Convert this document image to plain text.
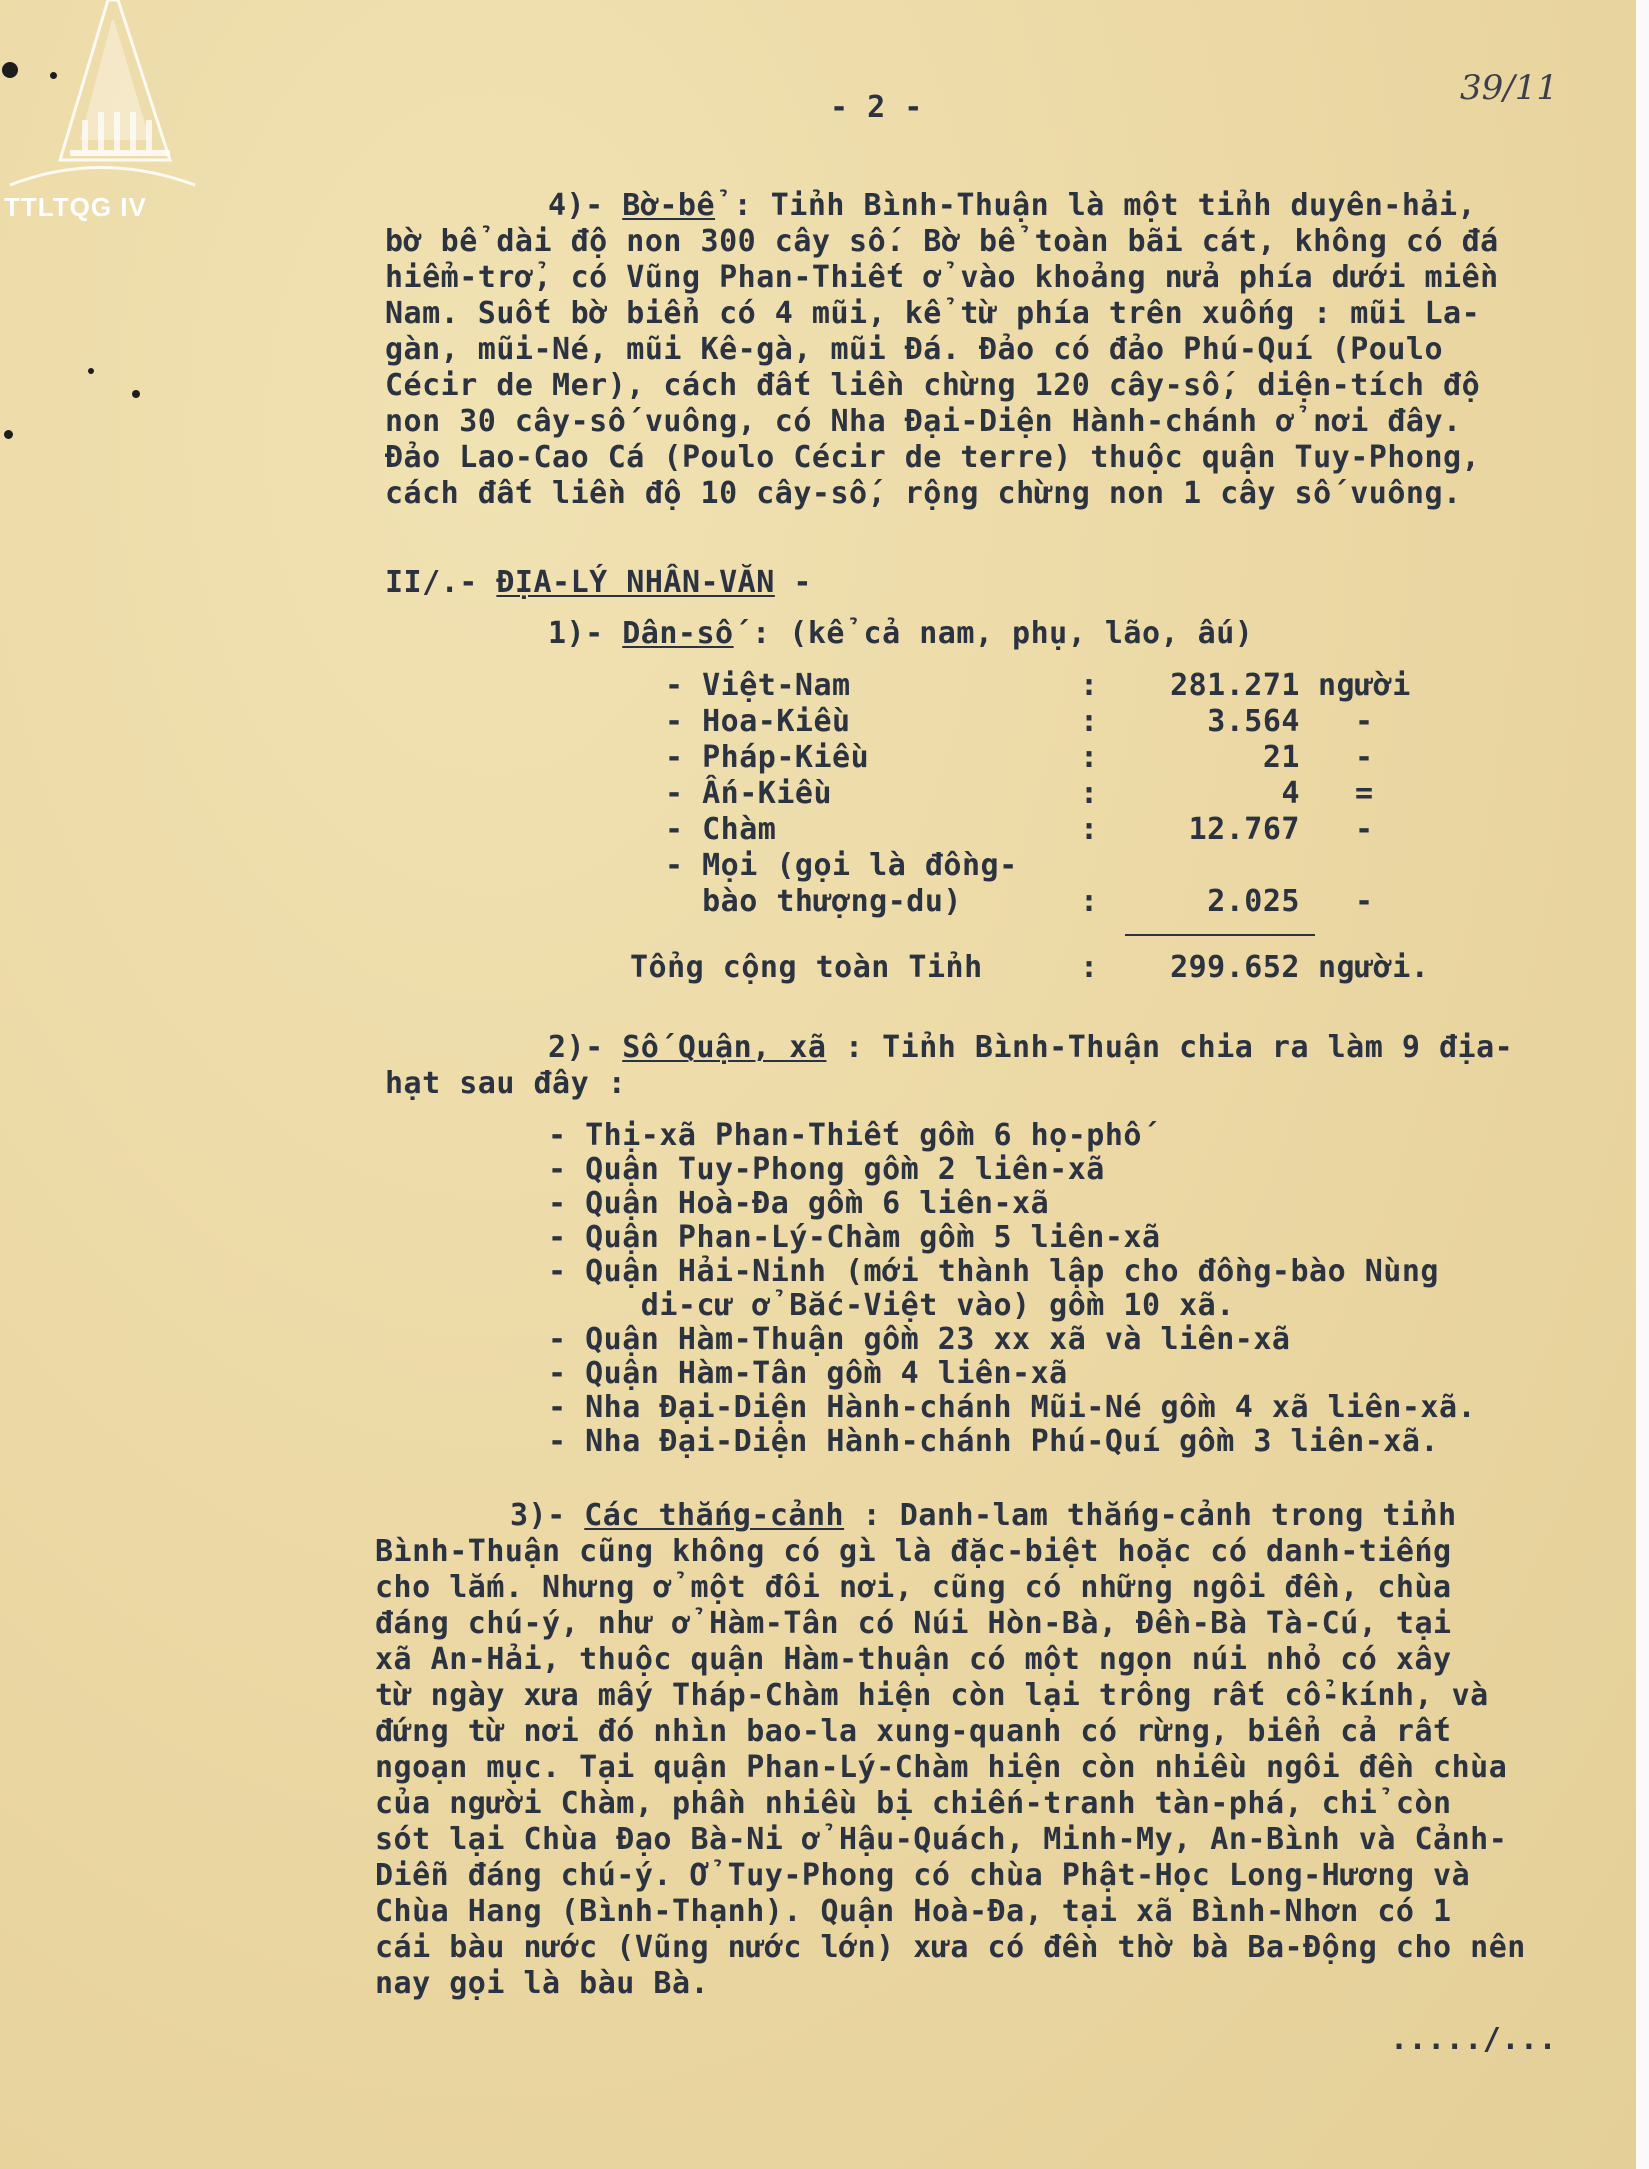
TTLTQG IV
- 2 -	39/11
4)- Bờ-bể : Tỉnh Bình-Thuận là một tỉnh duyên-hải,
bờ bể dài độ non 300 cây số. Bờ bể toàn bãi cát, không có đá
hiểm-trở, có Vũng Phan-Thiết ở vào khoảng nửa phía dưới miền
Nam. Suốt bờ biển có 4 mũi, kể từ phía trên xuống : mũi La-
gàn, mũi-Né, mũi Kê-gà, mũi Đá. Đảo có đảo Phú-Quí (Poulo
Cécir de Mer), cách đất liền chừng 120 cây-số, diện-tích độ
non 30 cây-số vuông, có Nha Đại-Diện Hành-chánh ở nơi đây.
Đảo Lao-Cao Cá (Poulo Cécir de terre) thuộc quận Tuy-Phong,
cách đất liền độ 10 cây-số, rộng chừng non 1 cây số vuông.
II/.- ĐỊA-LÝ NHÂN-VĂN -
1)- Dân-số : (kể cả nam, phụ, lão, ấu)
- Việt-Nam	:	281.271 người
- Hoa-Kiều	:	3.564 -
- Pháp-Kiều	:	21 -
- Ấn-Kiều	:	4 =
- Chàm	:	12.767 -
- Mọi (gọi là đồng-
bào thượng-du)	:	2.025 -
Tổng cộng toàn Tỉnh	:	299.652 người.
2)- Số Quận, xã : Tỉnh Bình-Thuận chia ra làm 9 địa-
hạt sau đây :
- Thị-xã Phan-Thiết gồm 6 họ-phố
- Quận Tuy-Phong gồm 2 liên-xã
- Quận Hoà-Đa gồm 6 liên-xã
- Quận Phan-Lý-Chàm gồm 5 liên-xã
- Quận Hải-Ninh (mới thành lập cho đồng-bào Nùng
di-cư ở Bắc-Việt vào) gồm 10 xã.
- Quận Hàm-Thuận gồm 23 xx xã và liên-xã
- Quận Hàm-Tân gồm 4 liên-xã
- Nha Đại-Diện Hành-chánh Mũi-Né gồm 4 xã liên-xã.
- Nha Đại-Diện Hành-chánh Phú-Quí gồm 3 liên-xã.
3)- Các thắng-cảnh : Danh-lam thắng-cảnh trong tỉnh
Bình-Thuận cũng không có gì là đặc-biệt hoặc có danh-tiếng
cho lắm. Nhưng ở một đôi nơi, cũng có những ngôi đền, chùa
đáng chú-ý, như ở Hàm-Tân có Núi Hòn-Bà, Đền-Bà Tà-Cú, tại
xã An-Hải, thuộc quận Hàm-thuận có một ngọn núi nhỏ có xây
từ ngày xưa mấy Tháp-Chàm hiện còn lại trông rất cổ-kính, và
đứng từ nơi đó nhìn bao-la xung-quanh có rừng, biển cả rất
ngoạn mục. Tại quận Phan-Lý-Chàm hiện còn nhiều ngôi đền chùa
của người Chàm, phần nhiều bị chiến-tranh tàn-phá, chỉ còn
sót lại Chùa Đạo Bà-Ni ở Hậu-Quách, Minh-My, An-Bình và Cảnh-
Diễn đáng chú-ý. Ở Tuy-Phong có chùa Phật-Học Long-Hương và
Chùa Hang (Bình-Thạnh). Quận Hoà-Đa, tại xã Bình-Nhơn có 1
cái bàu nước (Vũng nước lớn) xưa có đền thờ bà Ba-Động cho nên
nay gọi là bàu Bà.
...../...
